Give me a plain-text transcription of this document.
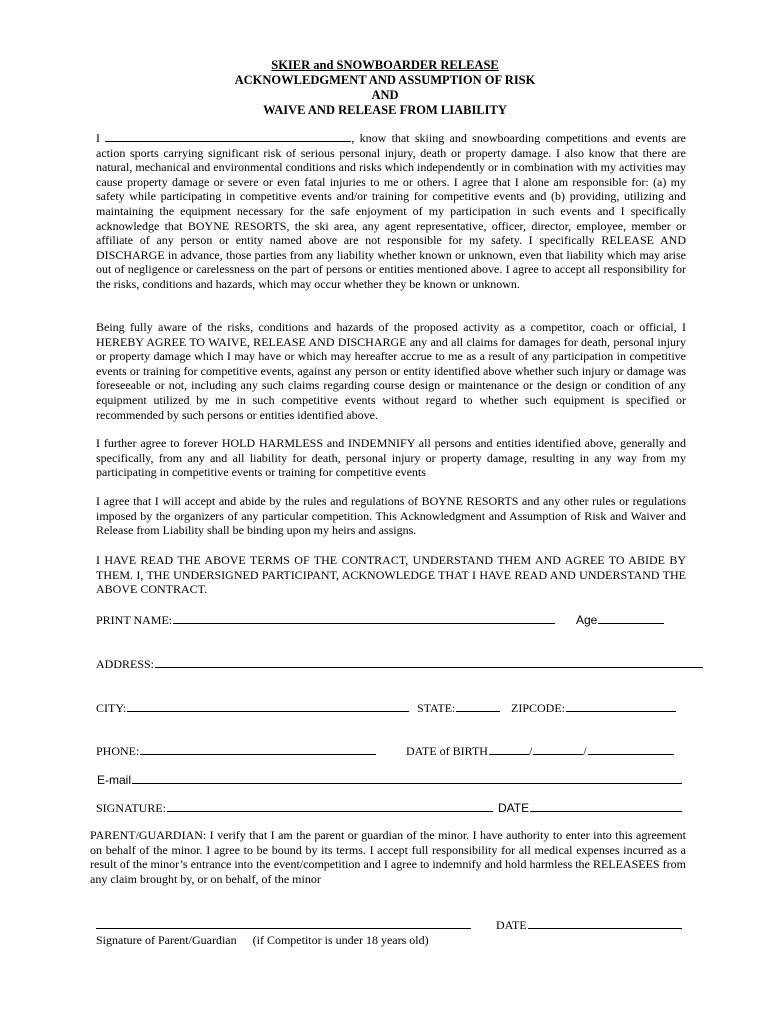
SKIER and SNOWBOARDER RELEASE
ACKNOWLEDGMENT AND ASSUMPTION OF RISK
AND
WAIVE AND RELEASE FROM LIABILITY

I	, know that skiing and snowboarding competitions and events are action sports carrying significant risk of serious personal injury, death or property damage. I also know that there are natural, mechanical and environmental conditions and risks which independently or in combination with my activities may cause property damage or severe or even fatal injuries to me or others. I agree that I alone am responsible for: (a) my safety while participating in competitive events and/or training for competitive events and (b) providing, utilizing and maintaining the equipment necessary for the safe enjoyment of my participation in such events and I specifically acknowledge that BOYNE RESORTS, the ski area, any agent representative, officer, director, employee, member or affiliate of any person or entity named above are not responsible for my safety. I specifically RELEASE AND DISCHARGE in advance, those parties from any liability whether known or unknown, even that liability which may arise out of negligence or carelessness on the part of persons or entities mentioned above. I agree to accept all responsibility for the risks, conditions and hazards, which may occur whether they be known or unknown.

Being fully aware of the risks, conditions and hazards of the proposed activity as a competitor, coach or official, I HEREBY AGREE TO WAIVE, RELEASE AND DISCHARGE any and all claims for damages for death, personal injury or property damage which I may have or which may hereafter accrue to me as a result of any participation in competitive events or training for competitive events, against any person or entity identified above whether such injury or damage was foreseeable or not, including any such claims regarding course design or maintenance or the design or condition of any equipment utilized by me in such competitive events without regard to whether such equipment is specified or recommended by such persons or entities identified above.

I further agree to forever HOLD HARMLESS and INDEMNIFY all persons and entities identified above, generally and specifically, from any and all liability for death, personal injury or property damage, resulting in any way from my participating in competitive events or training for competitive events

I agree that I will accept and abide by the rules and regulations of BOYNE RESORTS and any other rules or regulations imposed by the organizers of any particular competition. This Acknowledgment and Assumption of Risk and Waiver and Release from Liability shall be binding upon my heirs and assigns.

I HAVE READ THE ABOVE TERMS OF THE CONTRACT, UNDERSTAND THEM AND AGREE TO ABIDE BY THEM. I, THE UNDERSIGNED PARTICIPANT, ACKNOWLEDGE THAT I HAVE READ AND UNDERSTAND THE ABOVE CONTRACT.

PRINT NAME:	Age
ADDRESS:
CITY:	STATE:	ZIPCODE:
PHONE:	DATE of BIRTH	/	/
E-mail
SIGNATURE:	DATE

PARENT/GUARDIAN: I verify that I am the parent or guardian of the minor. I have authority to enter into this agreement on behalf of the minor. I agree to be bound by its terms. I accept full responsibility for all medical expenses incurred as a result of the minor’s entrance into the event/competition and I agree to indemnify and hold harmless the RELEASEES from any claim brought by, or on behalf, of the minor

DATE
Signature of Parent/Guardian (if Competitor is under 18 years old)
